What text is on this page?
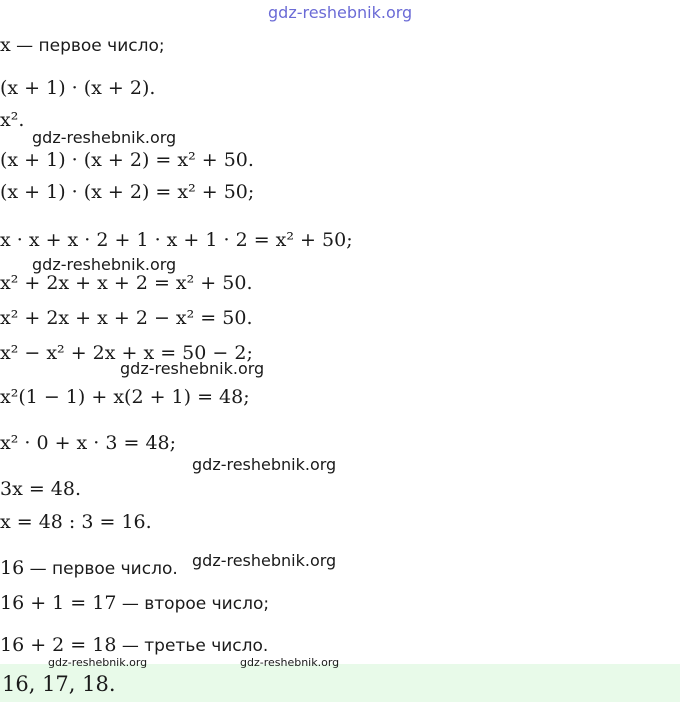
gdz-reshebnik.org
x — первое число;
(x + 1) · (x + 2).
x².
gdz-reshebnik.org
(x + 1) · (x + 2) = x² + 50.
(x + 1) · (x + 2) = x² + 50;
x · x + x · 2 + 1 · x + 1 · 2 = x² + 50;
gdz-reshebnik.org
x² + 2x + x + 2 = x² + 50.
x² + 2x + x + 2 − x² = 50.
x² − x² + 2x + x = 50 − 2;
gdz-reshebnik.org
x²(1 − 1) + x(2 + 1) = 48;
x² · 0 + x · 3 = 48;
gdz-reshebnik.org
3x = 48.
x = 48 : 3 = 16.
gdz-reshebnik.org
16 — первое число.
16 + 1 = 17 — второе число;
16 + 2 = 18 — третье число.
16, 17, 18.
gdz-reshebnik.org	gdz-reshebnik.org
